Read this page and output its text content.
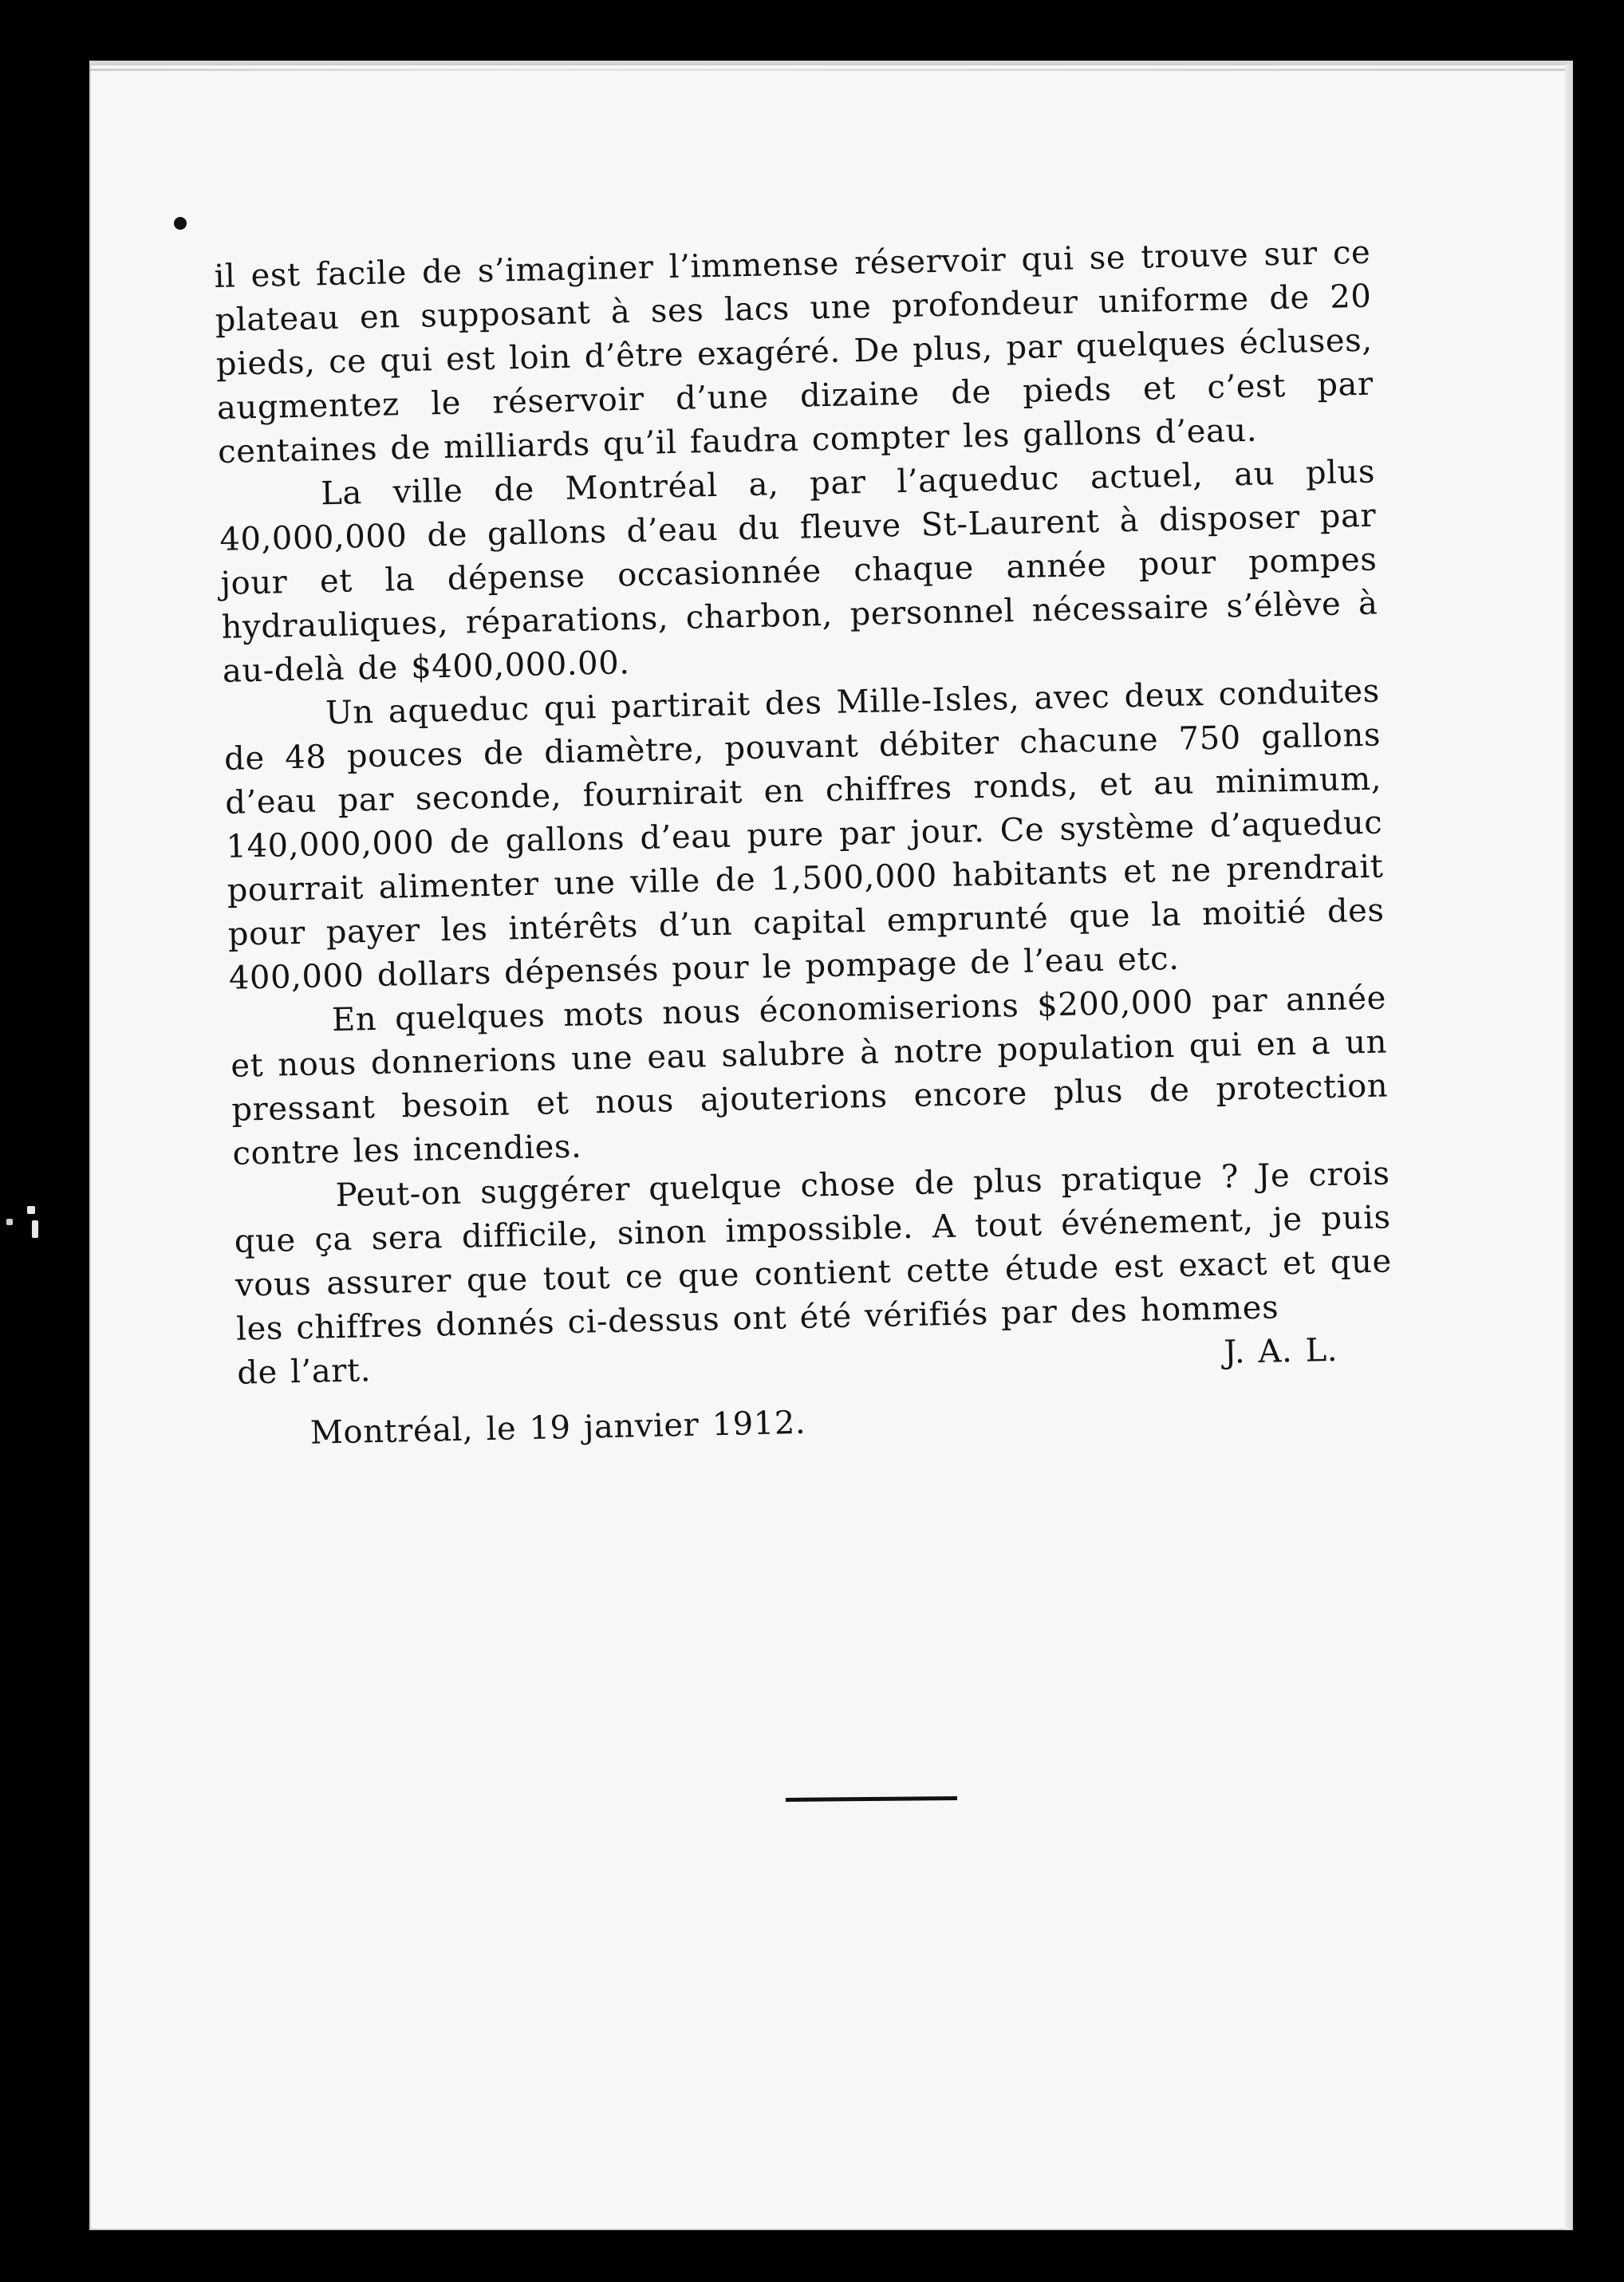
il est facile de s’imaginer l’immense réservoir qui se trouve sur ce plateau en supposant à ses lacs une profondeur uniforme de 20 pieds, ce qui est loin d’être exagéré. De plus, par quelques écluses, augmentez le réservoir d’une dizaine de pieds et c’est par centaines de milliards qu’il faudra compter les gallons d’eau.

La ville de Montréal a, par l’aqueduc actuel, au plus 40,000,000 de gallons d’eau du fleuve St-Laurent à disposer par jour et la dépense occasionnée chaque année pour pompes hydrauliques, réparations, charbon, personnel nécessaire s’élève à au-delà de $400,000.00.

Un aqueduc qui partirait des Mille-Isles, avec deux conduites de 48 pouces de diamètre, pouvant débiter chacune 750 gallons d’eau par seconde, fournirait en chiffres ronds, et au minimum, 140,000,000 de gallons d’eau pure par jour. Ce système d’aqueduc pourrait alimenter une ville de 1,500,000 habitants et ne prendrait pour payer les intérêts d’un capital emprunté que la moitié des 400,000 dollars dépensés pour le pompage de l’eau etc.

En quelques mots nous économiserions $200,000 par année et nous donnerions une eau salubre à notre population qui en a un pressant besoin et nous ajouterions encore plus de protection contre les incendies.

Peut-on suggérer quelque chose de plus pratique ? Je crois que ça sera difficile, sinon impossible. A tout événement, je puis vous assurer que tout ce que contient cette étude est exact et que les chiffres donnés ci-dessus ont été vérifiés par des hommes

de l’art.
J. A. L.

Montréal, le 19 janvier 1912.
